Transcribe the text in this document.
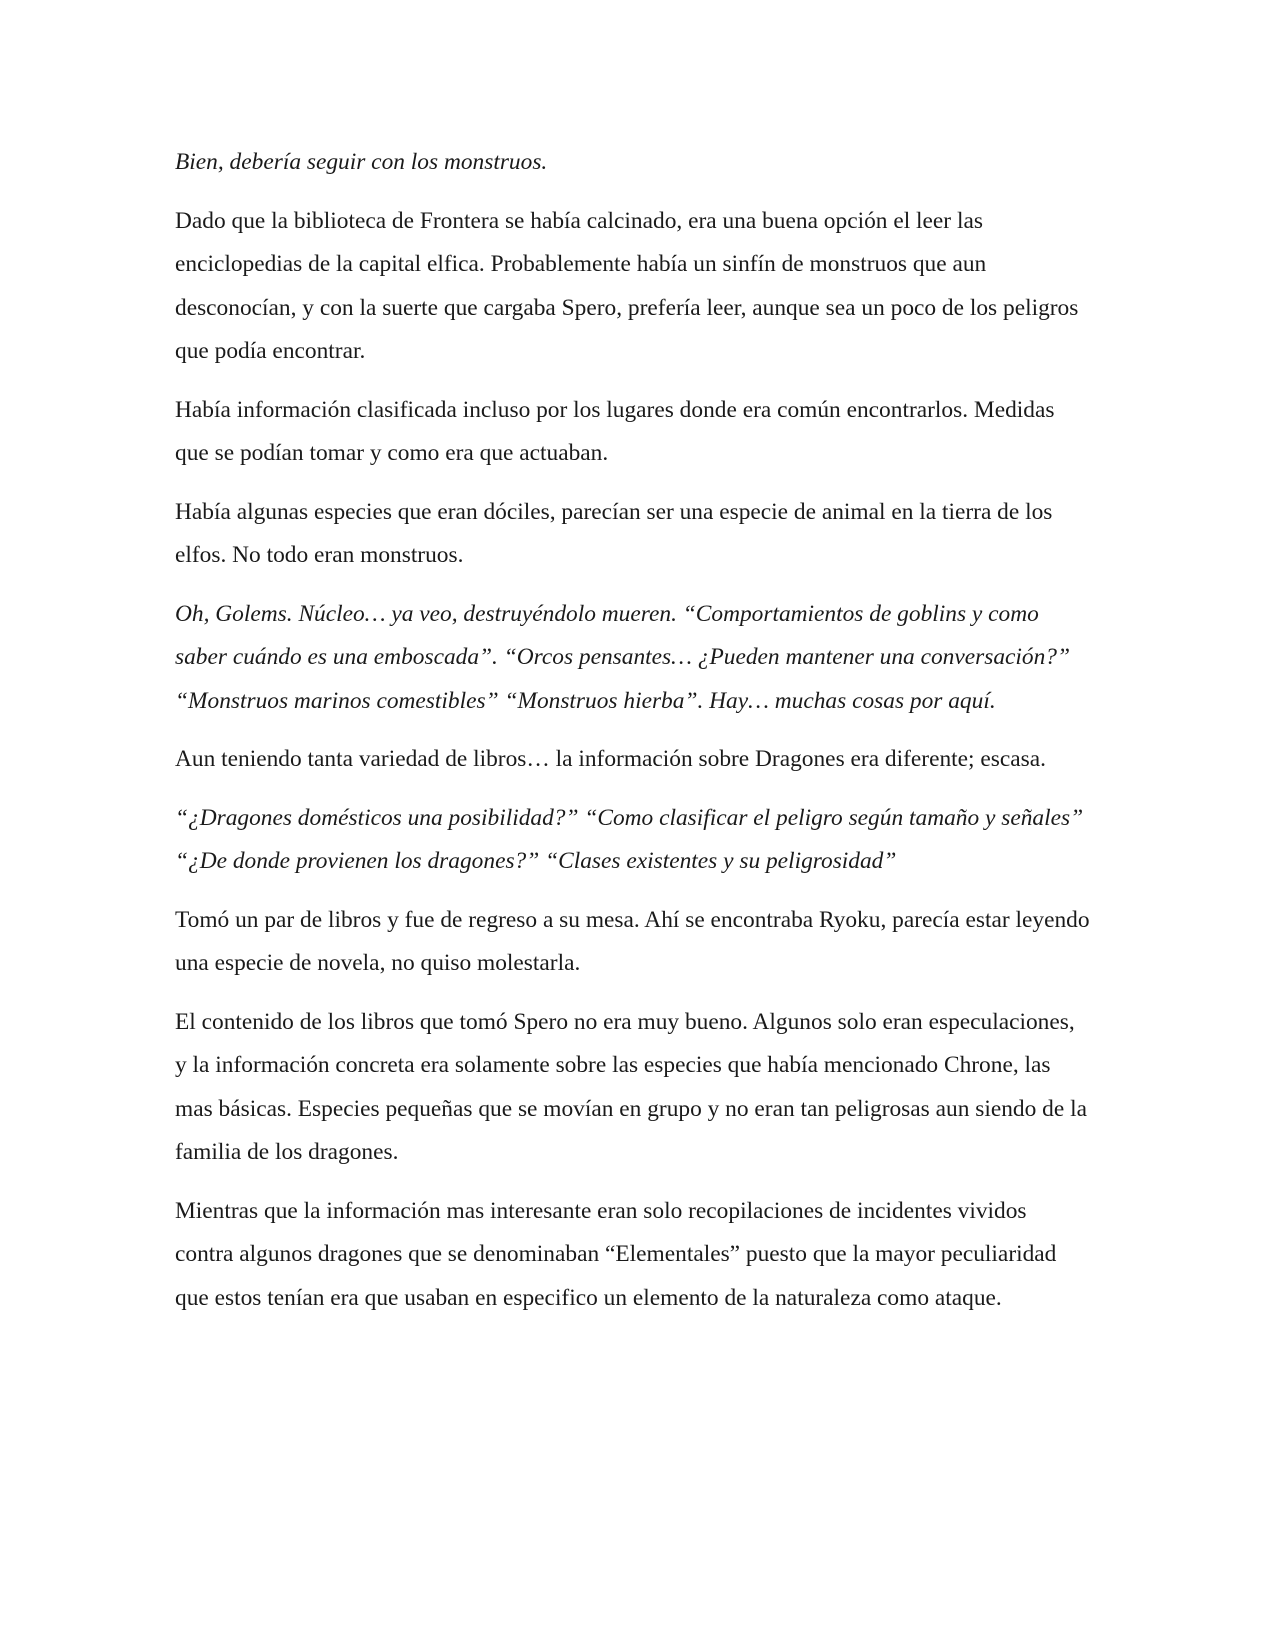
Bien, debería seguir con los monstruos.

Dado que la biblioteca de Frontera se había calcinado, era una buena opción el leer las enciclopedias de la capital elfica. Probablemente había un sinfín de monstruos que aun desconocían, y con la suerte que cargaba Spero, prefería leer, aunque sea un poco de los peligros que podía encontrar.

Había información clasificada incluso por los lugares donde era común encontrarlos. Medidas que se podían tomar y como era que actuaban.

Había algunas especies que eran dóciles, parecían ser una especie de animal en la tierra de los elfos. No todo eran monstruos.

Oh, Golems. Núcleo… ya veo, destruyéndolo mueren. “Comportamientos de goblins y como saber cuándo es una emboscada”. “Orcos pensantes… ¿Pueden mantener una conversación?” “Monstruos marinos comestibles” “Monstruos hierba”. Hay… muchas cosas por aquí.

Aun teniendo tanta variedad de libros… la información sobre Dragones era diferente; escasa.

“¿Dragones domésticos una posibilidad?” “Como clasificar el peligro según tamaño y señales” “¿De donde provienen los dragones?” “Clases existentes y su peligrosidad”

Tomó un par de libros y fue de regreso a su mesa. Ahí se encontraba Ryoku, parecía estar leyendo una especie de novela, no quiso molestarla.

El contenido de los libros que tomó Spero no era muy bueno. Algunos solo eran especulaciones, y la información concreta era solamente sobre las especies que había mencionado Chrone, las mas básicas. Especies pequeñas que se movían en grupo y no eran tan peligrosas aun siendo de la familia de los dragones.

Mientras que la información mas interesante eran solo recopilaciones de incidentes vividos contra algunos dragones que se denominaban “Elementales” puesto que la mayor peculiaridad que estos tenían era que usaban en especifico un elemento de la naturaleza como ataque.
